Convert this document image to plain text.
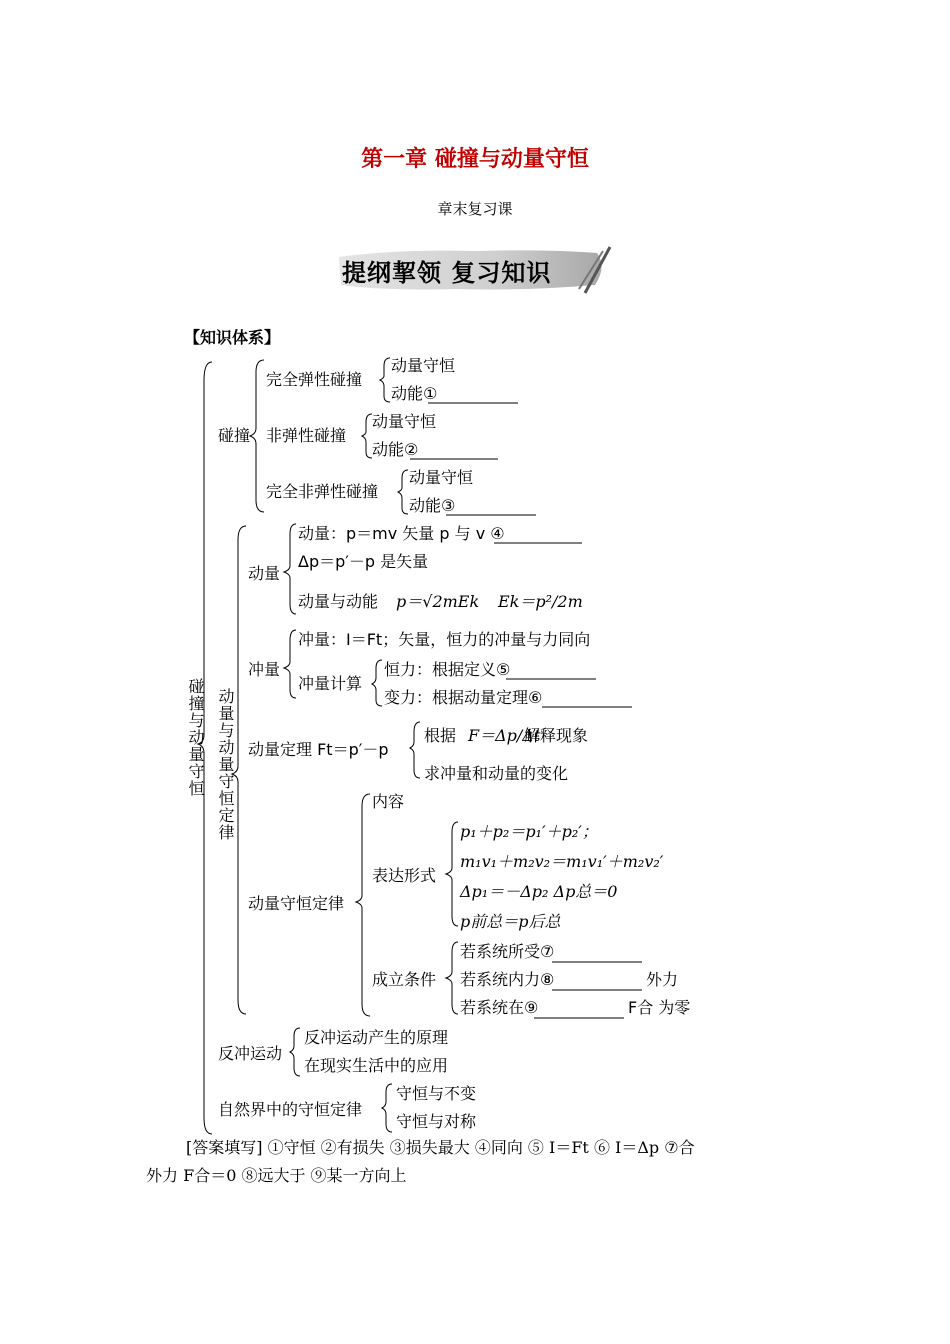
第一章 碰撞与动量守恒
章末复习课
提纲挈领 复习知识
【知识体系】
碰撞与动量守恒
碰撞
完全弹性碰撞
动量守恒
动能①
非弹性碰撞
动量守恒
动能②
完全非弹性碰撞
动量守恒
动能③
动量与动量守恒定律
动量
动量：p＝mv 矢量 p 与 v ④
Δp＝p′－p 是矢量
动量与动能 p＝√2mEk Ek＝p²/2m
冲量
冲量：I＝Ft；矢量，恒力的冲量与力同向
冲量计算
恒力：根据定义⑤
变力：根据动量定理⑥
动量定理 Ft＝p′－p
根据 F＝Δp/Δt
解释现象
求冲量和动量的变化
动量守恒定律
内容
表达形式
p₁＋p₂＝p₁′＋p₂′；
m₁v₁＋m₂v₂＝m₁v₁′＋m₂v₂′
Δp₁＝－Δp₂ Δp总＝0
p前总＝p后总
成立条件
若系统所受⑦
若系统内力⑧	外力
若系统在⑨	F合 为零
反冲运动
反冲运动产生的原理
在现实生活中的应用
自然界中的守恒定律
守恒与不变
守恒与对称
[答案填写] ①守恒 ②有损失 ③损失最大 ④同向 ⑤ I＝Ft ⑥ I＝Δp ⑦合
外力 F合＝0 ⑧远大于 ⑨某一方向上
